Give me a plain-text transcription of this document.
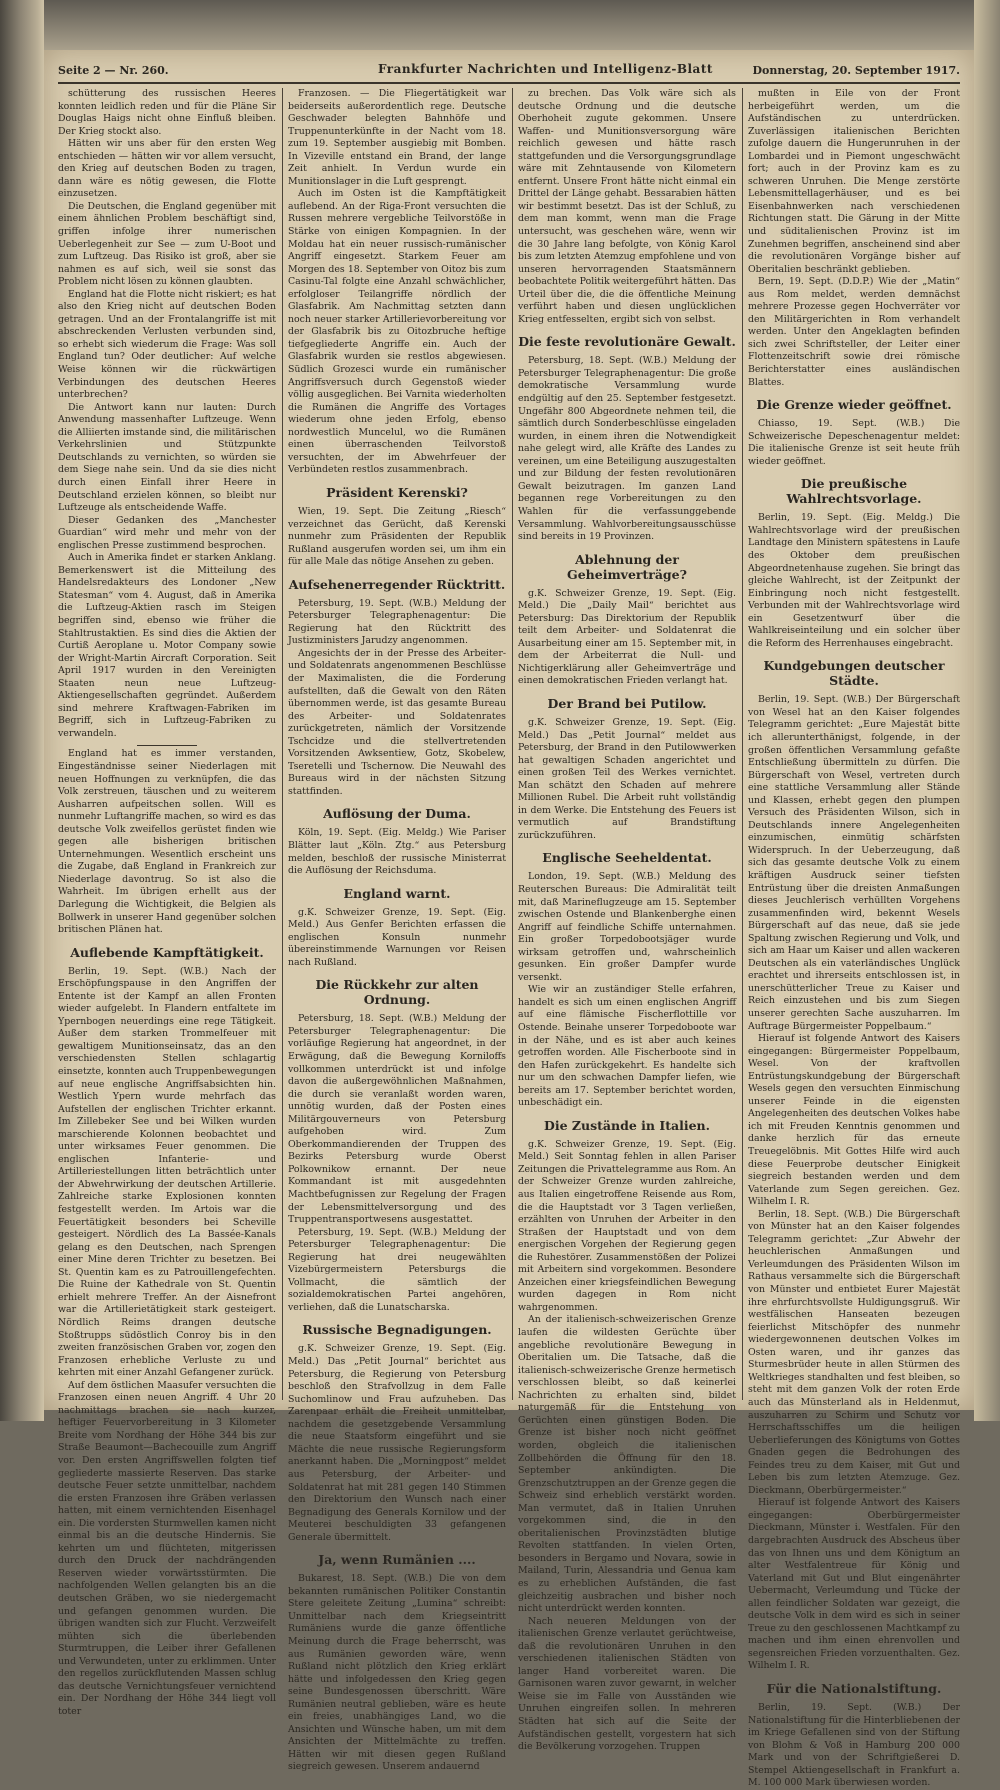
Seite 2 — Nr. 260.	Frankfurter Nachrichten und Intelligenz-Blatt	Donnerstag, 20. September 1917.

schütterung des russischen Heeres konnten leidlich reden und für die Pläne Sir Douglas Haigs nicht ohne Einfluß bleiben. Der Krieg stockt also.

Hätten wir uns aber für den ersten Weg entschieden — hätten wir vor allem versucht, den Krieg auf deutschen Boden zu tragen, dann wäre es nötig gewesen, die Flotte einzusetzen.

Die Deutschen, die England gegenüber mit einem ähnlichen Problem beschäftigt sind, griffen infolge ihrer numerischen Ueberlegenheit zur See — zum U-Boot und zum Luftzeug. Das Risiko ist groß, aber sie nahmen es auf sich, weil sie sonst das Problem nicht lösen zu können glaubten.

England hat die Flotte nicht riskiert; es hat also den Krieg nicht auf deutschen Boden getragen. Und an der Frontalangriffe ist mit abschreckenden Verlusten verbunden sind, so erhebt sich wiederum die Frage: Was soll England tun? Oder deutlicher: Auf welche Weise können wir die rückwärtigen Verbindungen des deutschen Heeres unterbrechen?

Die Antwort kann nur lauten: Durch Anwendung massenhafter Luftzeuge. Wenn die Alliierten imstande sind, die militärischen Verkehrslinien und Stützpunkte Deutschlands zu vernichten, so würden sie dem Siege nahe sein. Und da sie dies nicht durch einen Einfall ihrer Heere in Deutschland erzielen können, so bleibt nur Luftzeuge als entscheidende Waffe.

Dieser Gedanken des „Manchester Guardian“ wird mehr und mehr von der englischen Presse zustimmend besprochen.

Auch in Amerika findet er starken Anklang. Bemerkenswert ist die Mitteilung des Handelsredakteurs des Londoner „New Statesman“ vom 4. August, daß in Amerika die Luftzeug-Aktien rasch im Steigen begriffen sind, ebenso wie früher die Stahltrustaktien. Es sind dies die Aktien der Curtiß Aeroplane u. Motor Company sowie der Wright-Martin Aircraft Corporation. Seit April 1917 wurden in den Vereinigten Staaten neun neue Luftzeug-Aktiengesellschaften gegründet. Außerdem sind mehrere Kraftwagen-Fabriken im Begriff, sich in Luftzeug-Fabriken zu verwandeln.

England hat es immer verstanden, Eingeständnisse seiner Niederlagen mit neuen Hoffnungen zu verknüpfen, die das Volk zerstreuen, täuschen und zu weiterem Ausharren aufpeitschen sollen. Will es nunmehr Luftangriffe machen, so wird es das deutsche Volk zweifellos gerüstet finden wie gegen alle bisherigen britischen Unternehmungen. Wesentlich erscheint uns die Zugabe, daß England in Frankreich zur Niederlage davontrug. So ist also die Wahrheit. Im übrigen erhellt aus der Darlegung die Wichtigkeit, die Belgien als Bollwerk in unserer Hand gegenüber solchen britischen Plänen hat.

Auflebende Kampftätigkeit.

Berlin, 19. Sept. (W.B.) Nach der Erschöpfungspause in den Angriffen der Entente ist der Kampf an allen Fronten wieder aufgelebt. In Flandern entfaltete im Ypernbogen neuerdings eine rege Tätigkeit. Außer dem starken Trommelfeuer mit gewaltigem Munitionseinsatz, das an den verschiedensten Stellen schlagartig einsetzte, konnten auch Truppenbewegungen auf neue englische Angriffsabsichten hin. Westlich Ypern wurde mehrfach das Aufstellen der englischen Trichter erkannt. Im Zillebeker See und bei Wilken wurden marschierende Kolonnen beobachtet und unter wirksames Feuer genommen. Die englischen Infanterie- und Artilleriestellungen litten beträchtlich unter der Abwehrwirkung der deutschen Artillerie. Zahlreiche starke Explosionen konnten festgestellt werden. Im Artois war die Feuertätigkeit besonders bei Scheville gesteigert. Nördlich des La Bassée-Kanals gelang es den Deutschen, nach Sprengen einer Mine deren Trichter zu besetzen. Bei St. Quentin kam es zu Patrouillengefechten. Die Ruine der Kathedrale von St. Quentin erhielt mehrere Treffer. An der Aisnefront war die Artillerietätigkeit stark gesteigert. Nördlich Reims drangen deutsche Stoßtrupps südöstlich Conroy bis in den zweiten französischen Graben vor, zogen den Franzosen erhebliche Verluste zu und kehrten mit einer Anzahl Gefangener zurück.

Auf dem östlichen Maasufer versuchten die Franzosen einen neuen Angriff. 4 Uhr 20 nachmittags brachen sie nach kurzer, heftiger Feuervorbereitung in 3 Kilometer Breite vom Nordhang der Höhe 344 bis zur Straße Beaumont—Bachecouille zum Angriff vor. Den ersten Angriffswellen folgten tief gegliederte massierte Reserven. Das starke deutsche Feuer setzte unmittelbar, nachdem die ersten Franzosen ihre Gräben verlassen hatten, mit einem vernichtenden Eisenhagel ein. Die vordersten Sturmwellen kamen nicht einmal bis an die deutsche Hindernis. Sie kehrten um und flüchteten, mitgerissen durch den Druck der nachdrängenden Reserven wieder vorwärtsstürmten. Die nachfolgenden Wellen gelangten bis an die deutschen Gräben, wo sie niedergemacht und gefangen genommen wurden. Die übrigen wandten sich zur Flucht. Verzweifelt mühten sich die überlebenden Sturmtruppen, die Leiber ihrer Gefallenen und Verwundeten, unter zu erklimmen. Unter den regellos zurückflutenden Massen schlug das deutsche Vernichtungsfeuer vernichtend ein. Der Nordhang der Höhe 344 liegt voll toter

Franzosen. — Die Fliegertätigkeit war beiderseits außerordentlich rege. Deutsche Geschwader belegten Bahnhöfe und Truppenunterkünfte in der Nacht vom 18. zum 19. September ausgiebig mit Bomben. In Vizeville entstand ein Brand, der lange Zeit anhielt. In Verdun wurde ein Munitionslager in die Luft gesprengt.

Auch im Osten ist die Kampftätigkeit auflebend. An der Riga-Front versuchten die Russen mehrere vergebliche Teilvorstöße in Stärke von einigen Kompagnien. In der Moldau hat ein neuer russisch-rumänischer Angriff eingesetzt. Starkem Feuer am Morgen des 18. September von Oitoz bis zum Casinu-Tal folgte eine Anzahl schwächlicher, erfolgloser Teilangriffe nördlich der Glasfabrik. Am Nachmittag setzten dann noch neuer starker Artillerievorbereitung vor der Glasfabrik bis zu Oitozbruche heftige tiefgegliederte Angriffe ein. Auch der Glasfabrik wurden sie restlos abgewiesen. Südlich Grozesci wurde ein rumänischer Angriffsversuch durch Gegenstoß wieder völlig ausgeglichen. Bei Varnita wiederholten die Rumänen die Angriffe des Vortages wiederum ohne jeden Erfolg, ebenso nordwestlich Muncelul, wo die Rumänen einen überraschenden Teilvorstoß versuchten, der im Abwehrfeuer der Verbündeten restlos zusammenbrach.

Präsident Kerenski?

Wien, 19. Sept. Die Zeitung „Riesch“ verzeichnet das Gerücht, daß Kerenski nunmehr zum Präsidenten der Republik Rußland ausgerufen worden sei, um ihm ein für alle Male das nötige Ansehen zu geben.

Aufsehenerregender Rücktritt.

Petersburg, 19. Sept. (W.B.) Meldung der Petersburger Telegraphenagentur: Die Regierung hat den Rücktritt des Justizministers Jarudzy angenommen.

Angesichts der in der Presse des Arbeiter- und Soldatenrats angenommenen Beschlüsse der Maximalisten, die die Forderung aufstellten, daß die Gewalt von den Räten übernommen werde, ist das gesamte Bureau des Arbeiter- und Soldatenrates zurückgetreten, nämlich der Vorsitzende Tschcidze und die stellvertretenden Vorsitzenden Awksentiew, Gotz, Skobelew, Tseretelli und Tschernow. Die Neuwahl des Bureaus wird in der nächsten Sitzung stattfinden.

Auflösung der Duma.

Köln, 19. Sept. (Eig. Meldg.) Wie Pariser Blätter laut „Köln. Ztg.“ aus Petersburg melden, beschloß der russische Ministerrat die Auflösung der Reichsduma.

England warnt.

g.K. Schweizer Grenze, 19. Sept. (Eig. Meld.) Aus Genfer Berichten erfassen die englischen Konsuln nunmehr übereinstimmende Warnungen vor Reisen nach Rußland.

Die Rückkehr zur alten Ordnung.

Petersburg, 18. Sept. (W.B.) Meldung der Petersburger Telegraphenagentur: Die vorläufige Regierung hat angeordnet, in der Erwägung, daß die Bewegung Korniloffs vollkommen unterdrückt ist und infolge davon die außergewöhnlichen Maßnahmen, die durch sie veranlaßt worden waren, unnötig wurden, daß der Posten eines Militärgouverneurs von Petersburg aufgehoben wird. Zum Oberkommandierenden der Truppen des Bezirks Petersburg wurde Oberst Polkownikow ernannt. Der neue Kommandant ist mit ausgedehnten Machtbefugnissen zur Regelung der Fragen der Lebensmittelversorgung und des Truppentransportwesens ausgestattet.

Petersburg, 19. Sept. (W.B.) Meldung der Petersburger Telegraphenagentur: Die Regierung hat drei neugewählten Vizebürgermeistern Petersburgs die Vollmacht, die sämtlich der sozialdemokratischen Partei angehören, verliehen, daß die Lunatscharska.

Russische Begnadigungen.

g.K. Schweizer Grenze, 19. Sept. (Eig. Meld.) Das „Petit Journal“ berichtet aus Petersburg, die Regierung von Petersburg beschloß den Strafvollzug in dem Falle Suchomlinow und Frau aufzuheben. Das Zarenpaar erhält die Freiheit unmittelbar, nachdem die gesetzgebende Versammlung die neue Staatsform eingeführt und sie Mächte die neue russische Regierungsform anerkannt haben. Die „Morningpost“ meldet aus Petersburg, der Arbeiter- und Soldatenrat hat mit 281 gegen 140 Stimmen den Direktorium den Wunsch nach einer Begnadigung des Generals Kornilow und der Meuterei beschuldigten 33 gefangenen Generale übermittelt.

Ja, wenn Rumänien ....

Bukarest, 18. Sept. (W.B.) Die von dem bekannten rumänischen Politiker Constantin Stere geleitete Zeitung „Lumina“ schreibt: Unmittelbar nach dem Kriegseintritt Rumäniens wurde die ganze öffentliche Meinung durch die Frage beherrscht, was aus Rumänien geworden wäre, wenn Rußland nicht plötzlich den Krieg erklärt hätte und infolgedessen den Krieg gegen seine Bundesgenossen überschritt. Wäre Rumänien neutral geblieben, wäre es heute ein freies, unabhängiges Land, wo die Ansichten und Wünsche haben, um mit dem Ansichten der Mittelmächte zu treffen. Hätten wir mit diesen gegen Rußland siegreich gewesen. Unserem andauernd

zu brechen. Das Volk wäre sich als deutsche Ordnung und die deutsche Oberhoheit zugute gekommen. Unsere Waffen- und Munitionsversorgung wäre reichlich gewesen und hätte rasch stattgefunden und die Versorgungsgrundlage wäre mit Zehntausende von Kilometern entfernt. Unsere Front hätte nicht einmal ein Drittel der Länge gehabt. Bessarabien hätten wir bestimmt besetzt. Das ist der Schluß, zu dem man kommt, wenn man die Frage untersucht, was geschehen wäre, wenn wir die 30 Jahre lang befolgte, von König Karol bis zum letzten Atemzug empfohlene und von unseren hervorragenden Staatsmännern beobachtete Politik weitergeführt hätten. Das Urteil über die, die die öffentliche Meinung verführt haben und diesen unglücklichen Krieg entfesselten, ergibt sich von selbst.

Die feste revolutionäre Gewalt.

Petersburg, 18. Sept. (W.B.) Meldung der Petersburger Telegraphenagentur: Die große demokratische Versammlung wurde endgültig auf den 25. September festgesetzt. Ungefähr 800 Abgeordnete nehmen teil, die sämtlich durch Sonderbeschlüsse eingeladen wurden, in einem ihren die Notwendigkeit nahe gelegt wird, alle Kräfte des Landes zu vereinen, um eine Beteiligung auszugestalten und zur Bildung der festen revolutionären Gewalt beizutragen. Im ganzen Land begannen rege Vorbereitungen zu den Wahlen für die verfassunggebende Versammlung. Wahlvorbereitungsausschüsse sind bereits in 19 Provinzen.

Ablehnung der Geheimverträge?

g.K. Schweizer Grenze, 19. Sept. (Eig. Meld.) Die „Daily Mail“ berichtet aus Petersburg: Das Direktorium der Republik teilt dem Arbeiter- und Soldatenrat die Ausarbeitung einer am 15. September mit, in dem der Arbeiterrat die Null- und Nichtigerklärung aller Geheimverträge und einen demokratischen Frieden verlangt hat.

Der Brand bei Putilow.

g.K. Schweizer Grenze, 19. Sept. (Eig. Meld.) Das „Petit Journal“ meldet aus Petersburg, der Brand in den Putilowwerken hat gewaltigen Schaden angerichtet und einen großen Teil des Werkes vernichtet. Man schätzt den Schaden auf mehrere Millionen Rubel. Die Arbeit ruht vollständig in dem Werke. Die Entstehung des Feuers ist vermutlich auf Brandstiftung zurückzuführen.

Englische Seeheldentat.

London, 19. Sept. (W.B.) Meldung des Reuterschen Bureaus: Die Admiralität teilt mit, daß Marineflugzeuge am 15. September zwischen Ostende und Blankenberghe einen Angriff auf feindliche Schiffe unternahmen. Ein großer Torpedobootsjäger wurde wirksam getroffen und, wahrscheinlich gesunken. Ein großer Dampfer wurde versenkt.

Wie wir an zuständiger Stelle erfahren, handelt es sich um einen englischen Angriff auf eine flämische Fischerflottille vor Ostende. Beinahe unserer Torpedoboote war in der Nähe, und es ist aber auch keines getroffen worden. Alle Fischerboote sind in den Hafen zurückgekehrt. Es handelte sich nur um den schwachen Dampfer liefen, wie bereits am 17. September berichtet worden, unbeschädigt ein.

Die Zustände in Italien.

g.K. Schweizer Grenze, 19. Sept. (Eig. Meld.) Seit Sonntag fehlen in allen Pariser Zeitungen die Privattelegramme aus Rom. An der Schweizer Grenze wurden zahlreiche, aus Italien eingetroffene Reisende aus Rom, die die Hauptstadt vor 3 Tagen verließen, erzählten von Unruhen der Arbeiter in den Straßen der Hauptstadt und von dem energischen Vorgehen der Regierung gegen die Ruhestörer. Zusammenstößen der Polizei mit Arbeitern sind vorgekommen. Besondere Anzeichen einer kriegsfeindlichen Bewegung wurden dagegen in Rom nicht wahrgenommen.

An der italienisch-schweizerischen Grenze laufen die wildesten Gerüchte über angebliche revolutionäre Bewegung in Oberitalien um. Die Tatsache, daß die italienisch-schweizerische Grenze hermetisch verschlossen bleibt, so daß keinerlei Nachrichten zu erhalten sind, bildet naturgemäß für die Entstehung von Gerüchten einen günstigen Boden. Die Grenze ist bisher noch nicht geöffnet worden, obgleich die italienischen Zollbehörden die Öffnung für den 18. September ankündigten. Die Grenzschutztruppen an der Grenze gegen die Schweiz sind erheblich verstärkt worden. Man vermutet, daß in Italien Unruhen vorgekommen sind, die in den oberitalienischen Provinzstädten blutige Revolten stattfanden. In vielen Orten, besonders in Bergamo und Novara, sowie in Mailand, Turin, Alessandria und Genua kam es zu erheblichen Aufständen, die fast gleichzeitig ausbrachen und bisher noch nicht unterdrückt werden konnten.

Nach neueren Meldungen von der italienischen Grenze verlautet gerüchtweise, daß die revolutionären Unruhen in den verschiedenen italienischen Städten von langer Hand vorbereitet waren. Die Garnisonen waren zuvor gewarnt, in welcher Weise sie im Falle von Ausständen wie Unruhen eingreifen sollen. In mehreren Städten hat sich auf die Seite der Aufständischen gestellt, vorgestern hat sich die Bevölkerung vorzogehen. Truppen

mußten in Eile von der Front herbeigeführt werden, um die Aufständischen zu unterdrücken. Zuverlässigen italienischen Berichten zufolge dauern die Hungerunruhen in der Lombardei und in Piemont ungeschwächt fort; auch in der Provinz kam es zu schweren Unruhen. Die Menge zerstörte Lebensmittellagerhäuser, und es bei Eisenbahnwerken nach verschiedenen Richtungen statt. Die Gärung in der Mitte und süditalienischen Provinz ist im Zunehmen begriffen, anscheinend sind aber die revolutionären Vorgänge bisher auf Oberitalien beschränkt geblieben.

Bern, 19. Sept. (D.D.P.) Wie der „Matin“ aus Rom meldet, werden demnächst mehrere Prozesse gegen Hochverräter vor den Militärgerichten in Rom verhandelt werden. Unter den Angeklagten befinden sich zwei Schriftsteller, der Leiter einer Flottenzeitschrift sowie drei römische Berichterstatter eines ausländischen Blattes.

Die Grenze wieder geöffnet.

Chiasso, 19. Sept. (W.B.) Die Schweizerische Depeschenagentur meldet: Die italienische Grenze ist seit heute früh wieder geöffnet.

Die preußische Wahlrechtsvorlage.

Berlin, 19. Sept. (Eig. Meldg.) Die Wahlrechtsvorlage wird der preußischen Landtage den Ministern spätestens in Laufe des Oktober dem preußischen Abgeordnetenhause zugehen. Sie bringt das gleiche Wahlrecht, ist der Zeitpunkt der Einbringung noch nicht festgestellt. Verbunden mit der Wahlrechtsvorlage wird ein Gesetzentwurf über die Wahlkreiseinteilung und ein solcher über die Reform des Herrenhauses eingebracht.

Kundgebungen deutscher Städte.

Berlin, 19. Sept. (W.B.) Der Bürgerschaft von Wesel hat an den Kaiser folgendes Telegramm gerichtet: „Eure Majestät bitte ich allerunterthänigst, folgende, in der großen öffentlichen Versammlung gefaßte Entschließung übermitteln zu dürfen. Die Bürgerschaft von Wesel, vertreten durch eine stattliche Versammlung aller Stände und Klassen, erhebt gegen den plumpen Versuch des Präsidenten Wilson, sich in Deutschlands innere Angelegenheiten einzumischen, einmütig schärfsten Widerspruch. In der Ueberzeugung, daß sich das gesamte deutsche Volk zu einem kräftigen Ausdruck seiner tiefsten Entrüstung über die dreisten Anmaßungen dieses Jeuchlerisch verhüllten Vorgehens zusammenfinden wird, bekennt Wesels Bürgerschaft auf das neue, daß sie jede Spaltung zwischen Regierung und Volk, und sich am Haar um Kaiser und allen wackeren Deutschen als ein vaterländisches Unglück erachtet und ihrerseits entschlossen ist, in unerschütterlicher Treue zu Kaiser und Reich einzustehen und bis zum Siegen unserer gerechten Sache auszuharren. Im Auftrage Bürgermeister Poppelbaum.“

Hierauf ist folgende Antwort des Kaisers eingegangen: Bürgermeister Poppelbaum, Wesel. Von der kraftvollen Entrüstungskundgebung der Bürgerschaft Wesels gegen den versuchten Einmischung unserer Feinde in die eigensten Angelegenheiten des deutschen Volkes habe ich mit Freuden Kenntnis genommen und danke herzlich für das erneute Treuegelöbnis. Mit Gottes Hilfe wird auch diese Feuerprobe deutscher Einigkeit siegreich bestanden werden und dem Vaterlande zum Segen gereichen. Gez. Wilhelm I. R.

Berlin, 18. Sept. (W.B.) Die Bürgerschaft von Münster hat an den Kaiser folgendes Telegramm gerichtet: „Zur Abwehr der heuchlerischen Anmaßungen und Verleumdungen des Präsidenten Wilson im Rathaus versammelte sich die Bürgerschaft von Münster und entbietet Eurer Majestät ihre ehrfurchtsvollste Huldigungsgruß. Wir westfälischen Hanseaten bezeugen feierlichst Mitschöpfer des nunmehr wiedergewonnenen deutschen Volkes im Osten waren, und ihr ganzes das Sturmesbrüder heute in allen Stürmen des Weltkrieges standhalten und fest bleiben, so steht mit dem ganzen Volk der roten Erde auch das Münsterland als in Heldenmut, auszuharren zu Schirm und Schutz vor Herrschaftsschiffes um die heiligen Ueberlieferungen des Königtums von Gottes Gnaden gegen die Bedrohungen des Feindes treu zu dem Kaiser, mit Gut und Leben bis zum letzten Atemzuge. Gez. Dieckmann, Oberbürgermeister.“

Hierauf ist folgende Antwort des Kaisers eingegangen: Oberbürgermeister Dieckmann, Münster i. Westfalen. Für den dargebrachten Ausdruck des Abscheus über das von Ihnen uns und dem Königtum an alter Westfalentreue für König und Vaterland mit Gut und Blut eingenährter Uebermacht, Verleumdung und Tücke der allen feindlicher Soldaten war gezeigt, die deutsche Volk in dem wird es sich in seiner Treue zu den geschlossenen Machtkampf zu machen und ihm einen ehrenvollen und segensreichen Frieden vorzuenthalten. Gez. Wilhelm I. R.

Für die Nationalstiftung.

Berlin, 19. Sept. (W.B.) Der Nationalstiftung für die Hinterbliebenen der im Kriege Gefallenen sind von der Stiftung von Blohm & Voß in Hamburg 200 000 Mark und von der Schriftgießerei D. Stempel Aktiengesellschaft in Frankfurt a. M. 100 000 Mark überwiesen worden.
